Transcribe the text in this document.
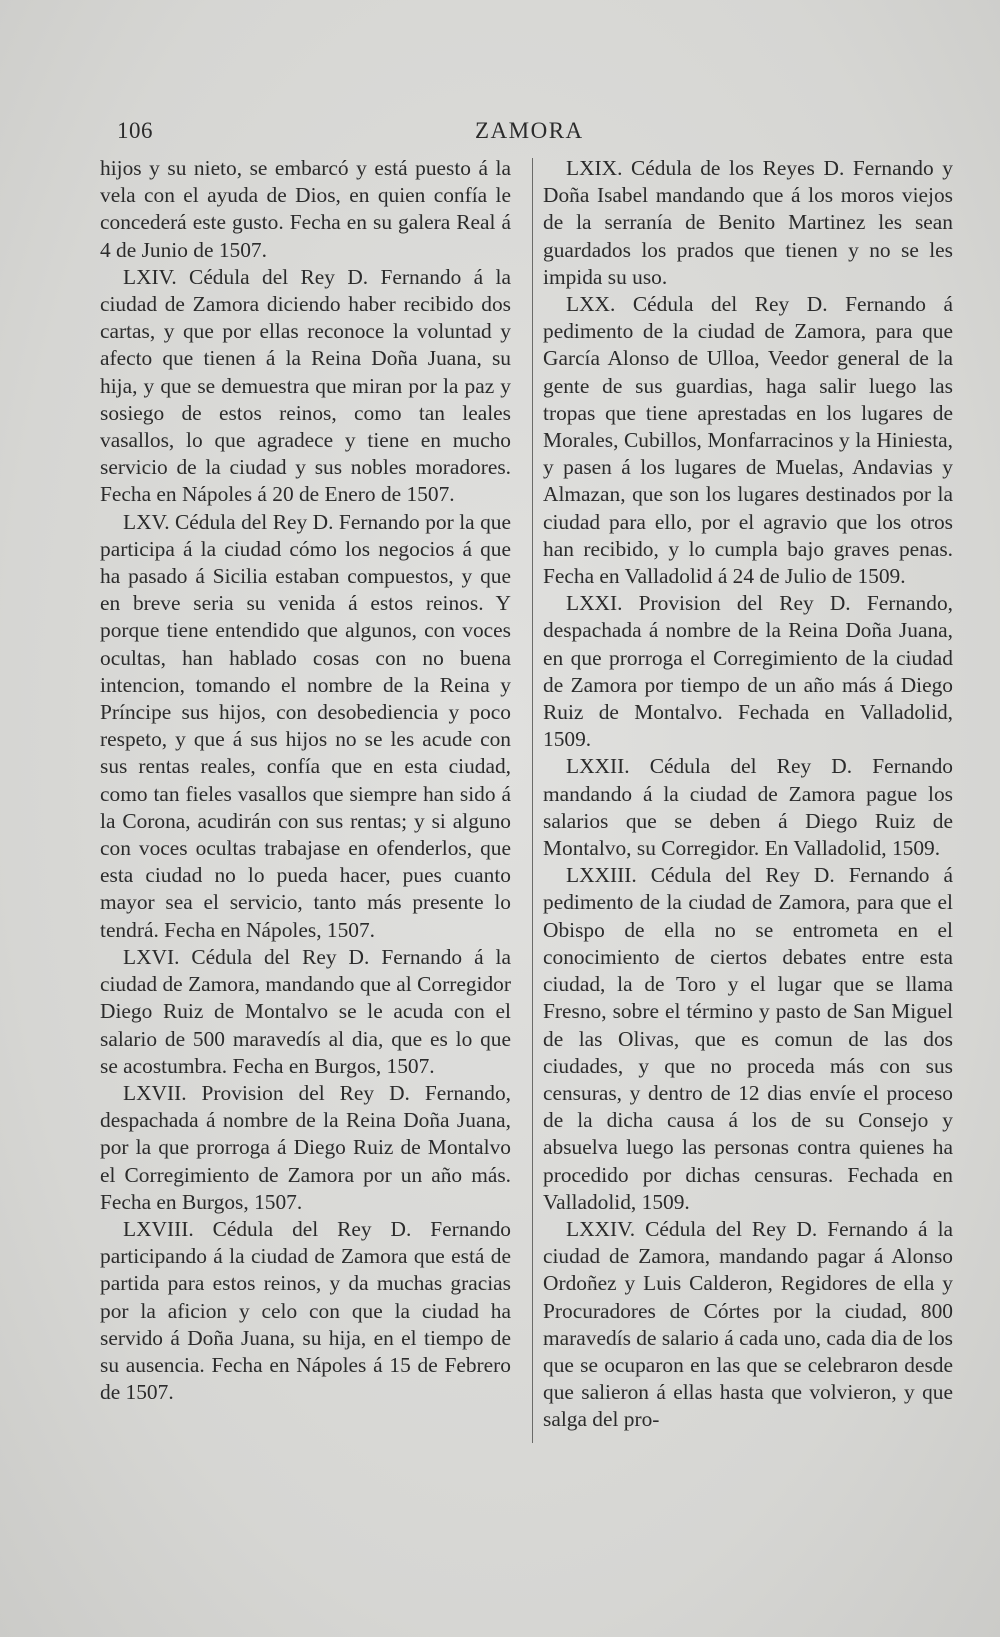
106	ZAMORA

hijos y su nieto, se embarcó y está puesto á la vela con el ayuda de Dios, en quien confía le concederá este gusto. Fecha en su galera Real á 4 de Junio de 1507.

LXIV. Cédula del Rey D. Fernando á la ciudad de Zamora diciendo haber recibido dos cartas, y que por ellas reconoce la voluntad y afecto que tienen á la Reina Doña Juana, su hija, y que se demuestra que miran por la paz y sosiego de estos reinos, como tan leales vasallos, lo que agradece y tiene en mucho servicio de la ciudad y sus nobles moradores. Fecha en Nápoles á 20 de Enero de 1507.

LXV. Cédula del Rey D. Fernando por la que participa á la ciudad cómo los negocios á que ha pasado á Sicilia estaban compuestos, y que en breve seria su venida á estos reinos. Y porque tiene entendido que algunos, con voces ocultas, han hablado cosas con no buena intencion, tomando el nombre de la Reina y Príncipe sus hijos, con desobediencia y poco respeto, y que á sus hijos no se les acude con sus rentas reales, confía que en esta ciudad, como tan fieles vasallos que siempre han sido á la Corona, acudirán con sus rentas; y si alguno con voces ocultas trabajase en ofenderlos, que esta ciudad no lo pueda hacer, pues cuanto mayor sea el servicio, tanto más presente lo tendrá. Fecha en Nápoles, 1507.

LXVI. Cédula del Rey D. Fernando á la ciudad de Zamora, mandando que al Corregidor Diego Ruiz de Montalvo se le acuda con el salario de 500 maravedís al dia, que es lo que se acostumbra. Fecha en Burgos, 1507.

LXVII. Provision del Rey D. Fernando, despachada á nombre de la Reina Doña Juana, por la que prorroga á Diego Ruiz de Montalvo el Corregimiento de Zamora por un año más. Fecha en Burgos, 1507.

LXVIII. Cédula del Rey D. Fernando participando á la ciudad de Zamora que está de partida para estos reinos, y da muchas gracias por la aficion y celo con que la ciudad ha servido á Doña Juana, su hija, en el tiempo de su ausencia. Fecha en Nápoles á 15 de Febrero de 1507.

LXIX. Cédula de los Reyes D. Fernando y Doña Isabel mandando que á los moros viejos de la serranía de Benito Martinez les sean guardados los prados que tienen y no se les impida su uso.

LXX. Cédula del Rey D. Fernando á pedimento de la ciudad de Zamora, para que García Alonso de Ulloa, Veedor general de la gente de sus guardias, haga salir luego las tropas que tiene aprestadas en los lugares de Morales, Cubillos, Monfarracinos y la Hiniesta, y pasen á los lugares de Muelas, Andavias y Almazan, que son los lugares destinados por la ciudad para ello, por el agravio que los otros han recibido, y lo cumpla bajo graves penas. Fecha en Valladolid á 24 de Julio de 1509.

LXXI. Provision del Rey D. Fernando, despachada á nombre de la Reina Doña Juana, en que prorroga el Corregimiento de la ciudad de Zamora por tiempo de un año más á Diego Ruiz de Montalvo. Fechada en Valladolid, 1509.

LXXII. Cédula del Rey D. Fernando mandando á la ciudad de Zamora pague los salarios que se deben á Diego Ruiz de Montalvo, su Corregidor. En Valladolid, 1509.

LXXIII. Cédula del Rey D. Fernando á pedimento de la ciudad de Zamora, para que el Obispo de ella no se entrometa en el conocimiento de ciertos debates entre esta ciudad, la de Toro y el lugar que se llama Fresno, sobre el término y pasto de San Miguel de las Olivas, que es comun de las dos ciudades, y que no proceda más con sus censuras, y dentro de 12 dias envíe el proceso de la dicha causa á los de su Consejo y absuelva luego las personas contra quienes ha procedido por dichas censuras. Fechada en Valladolid, 1509.

LXXIV. Cédula del Rey D. Fernando á la ciudad de Zamora, mandando pagar á Alonso Ordoñez y Luis Calderon, Regidores de ella y Procuradores de Córtes por la ciudad, 800 maravedís de salario á cada uno, cada dia de los que se ocuparon en las que se celebraron desde que salieron á ellas hasta que volvieron, y que salga del pro-
